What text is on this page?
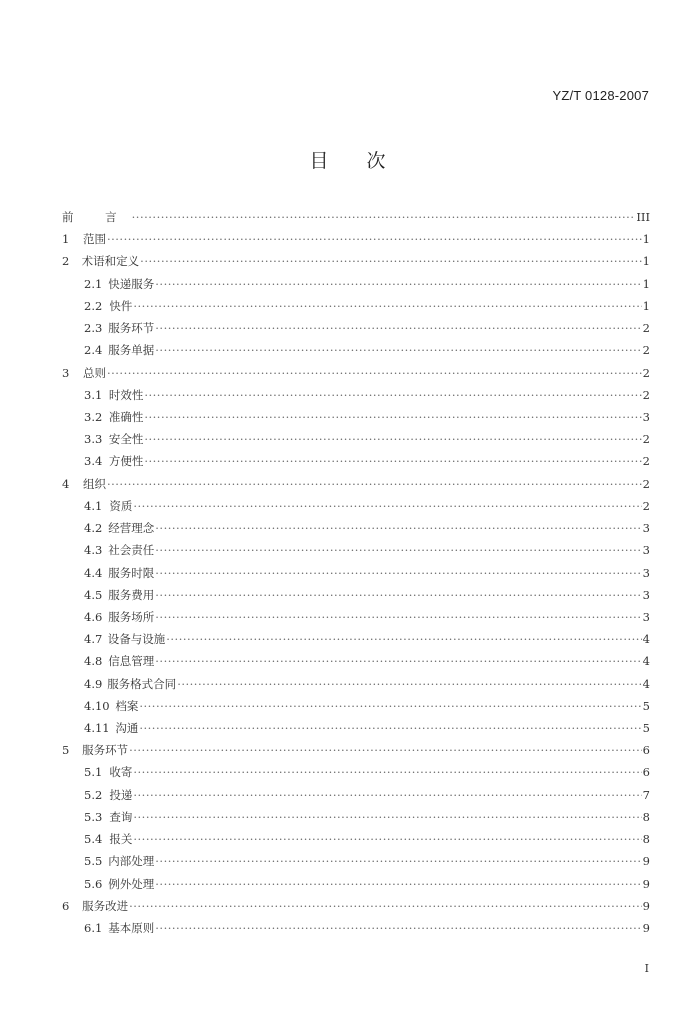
YZ/T 0128-2007
目次
前 言 ·····	III
1	范围 ·····	1
2	术语和定义 ·····	1
2.1 快递服务 ·····	1
2.2 快件 ·····	1
2.3 服务环节 ·····	2
2.4 服务单据 ·····	2
3	总则 ·····	2
3.1 时效性 ·····	2
3.2 准确性 ·····	3
3.3 安全性 ·····	2
3.4 方便性 ·····	2
4	组织 ·····	2
4.1 资质 ·····	2
4.2 经营理念 ·····	3
4.3 社会责任 ·····	3
4.4 服务时限 ·····	3
4.5 服务费用 ·····	3
4.6 服务场所 ·····	3
4.7 设备与设施 ·····	4
4.8 信息管理 ·····	4
4.9 服务格式合同 ·····	4
4.10 档案 ·····	5
4.11 沟通 ·····	5
5	服务环节 ·····	6
5.1 收寄 ·····	6
5.2 投递 ·····	7
5.3 查询 ·····	8
5.4 报关 ·····	8
5.5 内部处理 ·····	9
5.6 例外处理 ·····	9
6	服务改进 ·····	9
6.1 基本原则 ·····	9
I
